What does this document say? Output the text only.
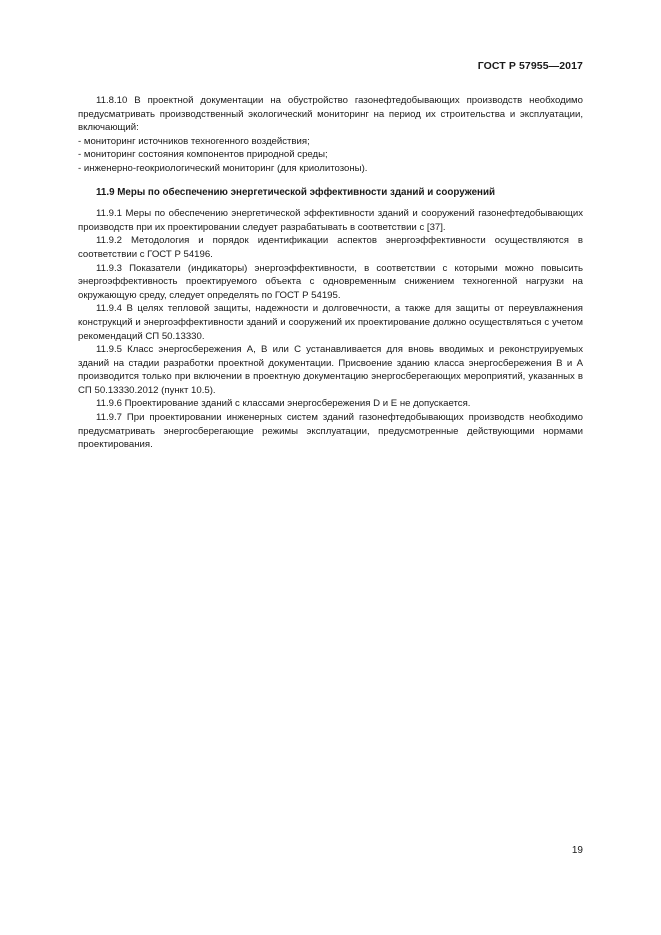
ГОСТ Р 57955—2017

11.8.10 В проектной документации на обустройство газонефтедобывающих производств необходимо предусматривать производственный экологический мониторинг на период их строительства и эксплуатации, включающий:

- мониторинг источников техногенного воздействия;
- мониторинг состояния компонентов природной среды;
- инженерно-геокриологический мониторинг (для криолитозоны).

11.9 Меры по обеспечению энергетической эффективности зданий и сооружений

11.9.1 Меры по обеспечению энергетической эффективности зданий и сооружений газонефтедобывающих производств при их проектировании следует разрабатывать в соответствии с [37].

11.9.2 Методология и порядок идентификации аспектов энергоэффективности осуществляются в соответствии с ГОСТ Р 54196.

11.9.3 Показатели (индикаторы) энергоэффективности, в соответствии с которыми можно повысить энергоэффективность проектируемого объекта с одновременным снижением техногенной нагрузки на окружающую среду, следует определять по ГОСТ Р 54195.

11.9.4 В целях тепловой защиты, надежности и долговечности, а также для защиты от переувлажнения конструкций и энергоэффективности зданий и сооружений их проектирование должно осуществляться с учетом рекомендаций СП 50.13330.

11.9.5 Класс энергосбережения A, B или C устанавливается для вновь вводимых и реконструируемых зданий на стадии разработки проектной документации. Присвоение зданию класса энергосбережения B и A производится только при включении в проектную документацию энергосберегающих мероприятий, указанных в СП 50.13330.2012 (пункт 10.5).

11.9.6 Проектирование зданий с классами энергосбережения D и E не допускается.

11.9.7 При проектировании инженерных систем зданий газонефтедобывающих производств необходимо предусматривать энергосберегающие режимы эксплуатации, предусмотренные действующими нормами проектирования.

19
